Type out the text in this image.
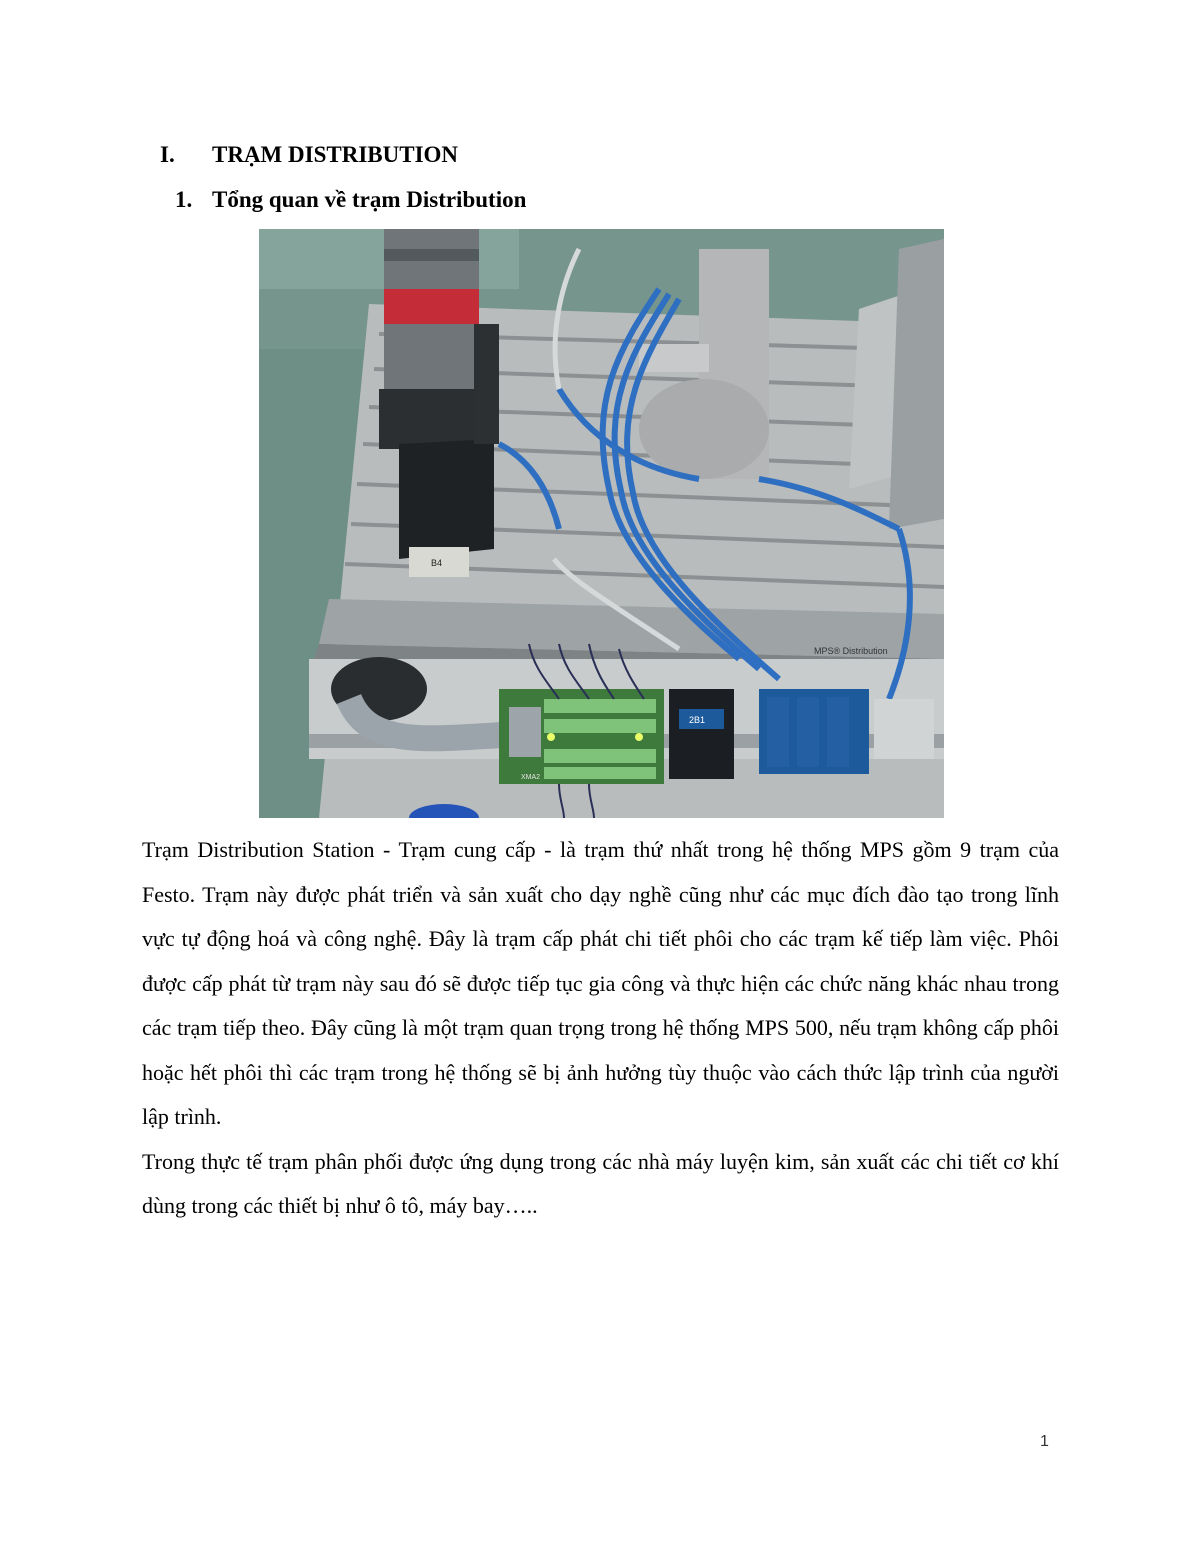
I. TRẠM DISTRIBUTION
1. Tổng quan về trạm Distribution
B4
2B1
XMA2
MPS® Distribution

Trạm Distribution Station - Trạm cung cấp - là trạm thứ nhất trong hệ thống MPS gồm 9 trạm của Festo. Trạm này được phát triển và sản xuất cho dạy nghề cũng như các mục đích đào tạo trong lĩnh vực tự động hoá và công nghệ. Đây là trạm cấp phát chi tiết phôi cho các trạm kế tiếp làm việc. Phôi được cấp phát từ trạm này sau đó sẽ được tiếp tục gia công và thực hiện các chức năng khác nhau trong các trạm tiếp theo. Đây cũng là một trạm quan trọng trong hệ thống MPS 500, nếu trạm không cấp phôi hoặc hết phôi thì các trạm trong hệ thống sẽ bị ảnh hưởng tùy thuộc vào cách thức lập trình của người lập trình.

Trong thực tế trạm phân phối được ứng dụng trong các nhà máy luyện kim, sản xuất các chi tiết cơ khí dùng trong các thiết bị như ô tô, máy bay…..

1
